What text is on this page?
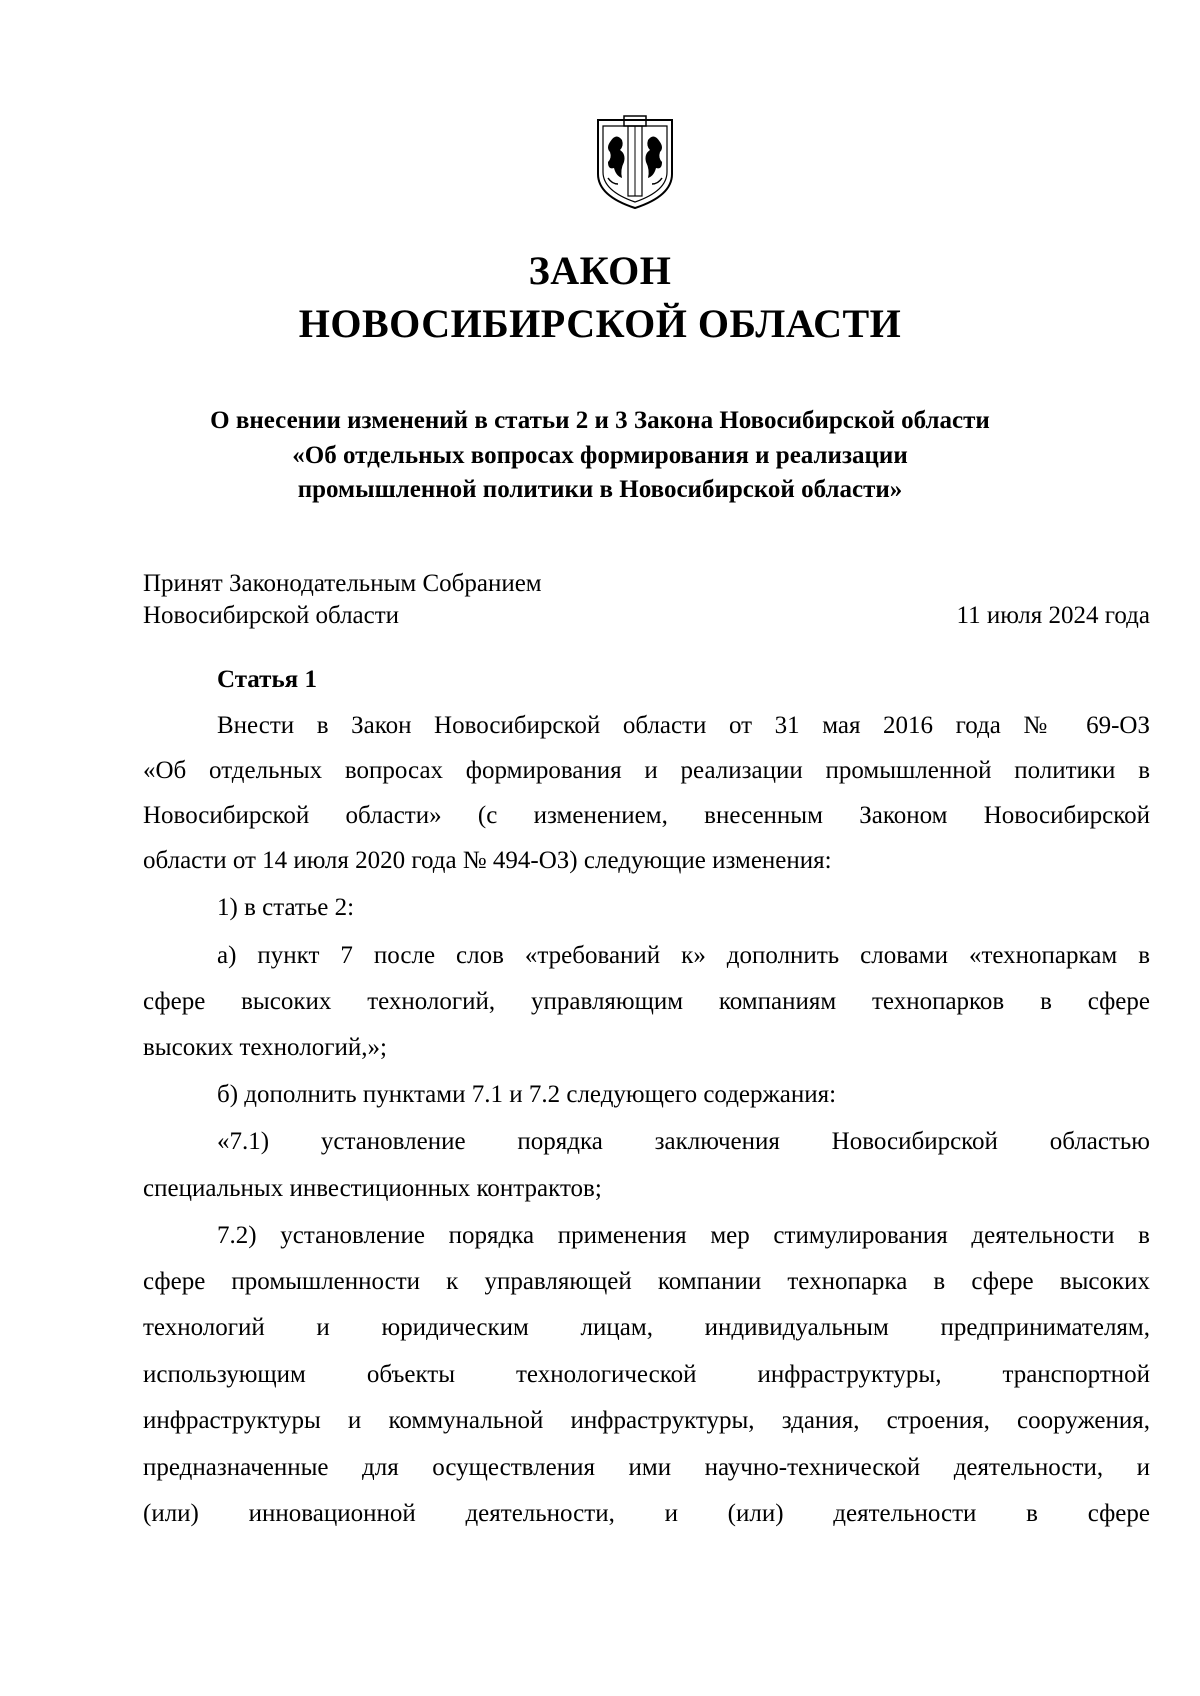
ЗАКОН
НОВОСИБИРСКОЙ ОБЛАСТИ
О внесении изменений в статьи 2 и 3 Закона Новосибирской области
«Об отдельных вопросах формирования и реализации
промышленной политики в Новосибирской области»
Принят Законодательным Собранием
Новосибирской области	11 июля 2024 года
Статья 1
Внести в Закон Новосибирской области от 31 мая 2016 года № 69-ОЗ
«Об отдельных вопросах формирования и реализации промышленной политики в
Новосибирской области» (с изменением, внесенным Законом Новосибирской
области от 14 июля 2020 года № 494-ОЗ) следующие изменения:
1) в статье 2:
а) пункт 7 после слов «требований к» дополнить словами «технопаркам в
сфере высоких технологий, управляющим компаниям технопарков в сфере
высоких технологий,»;
б) дополнить пунктами 7.1 и 7.2 следующего содержания:
«7.1) установление порядка заключения Новосибирской областью
специальных инвестиционных контрактов;
7.2) установление порядка применения мер стимулирования деятельности в
сфере промышленности к управляющей компании технопарка в сфере высоких
технологий и юридическим лицам, индивидуальным предпринимателям,
использующим объекты технологической инфраструктуры, транспортной
инфраструктуры и коммунальной инфраструктуры, здания, строения, сооружения,
предназначенные для осуществления ими научно-технической деятельности, и
(или) инновационной деятельности, и (или) деятельности в сфере
